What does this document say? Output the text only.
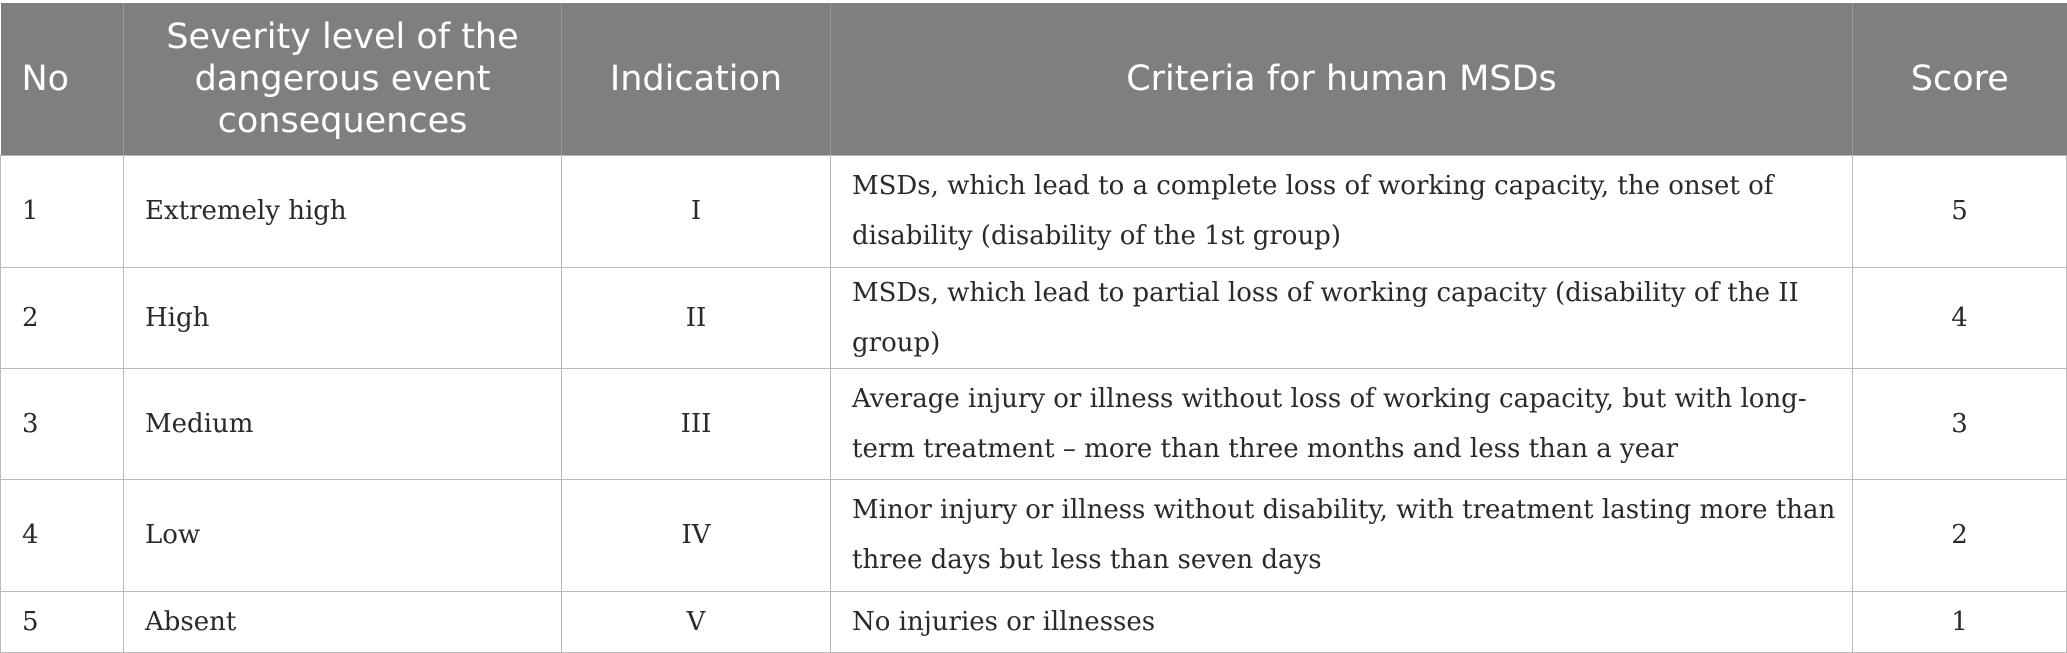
No	Severity level of the dangerous event consequences	Indication	Criteria for human MSDs	Score
1	Extremely high	I	MSDs, which lead to a complete loss of working capacity, the onset of disability (disability of the 1st group)	5
2	High	II	MSDs, which lead to partial loss of working capacity (disability of the II group)	4
3	Medium	III	Average injury or illness without loss of working capacity, but with long-term treatment – more than three months and less than a year	3
4	Low	IV	Minor injury or illness without disability, with treatment lasting more than three days but less than seven days	2
5	Absent	V	No injuries or illnesses	1
